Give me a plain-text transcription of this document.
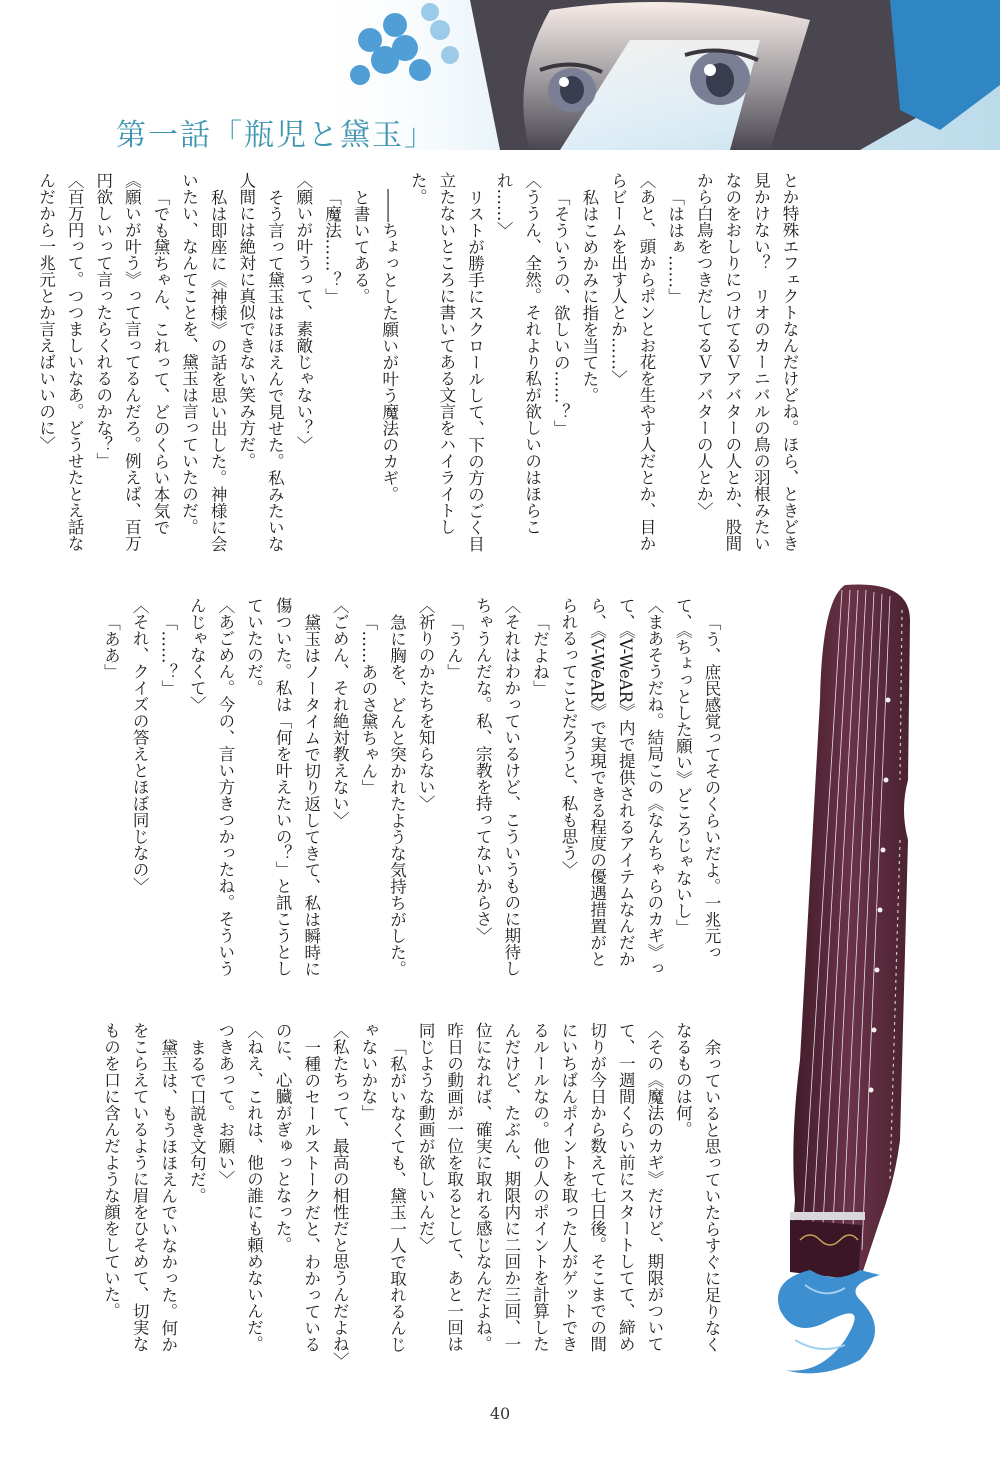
第一話「瓶児と黛玉」

とか特殊エフェクトなんだけどね。ほら、ときどき見かけない？　リオのカーニバルの鳥の羽根みたいなのをおしりにつけてるＶアバターの人とか、股間から白鳥をつきだしてるＶアバターの人とか〉

「ははぁ……」

〈あと、頭からポンとお花を生やす人だとか、目からビームを出す人とか……〉

私はこめかみに指を当てた。

「そういうの、欲しいの……？」

〈ううん、全然。それより私が欲しいのはほらこれ……〉

リストが勝手にスクロールして、下の方のごく目立たないところに書いてある文言をハイライトした。

――ちょっとした願いが叶う魔法のカギ。

と書いてある。

「魔法……？」

〈願いが叶うって、素敵じゃない？〉

そう言って黛玉はほほえんで見せた。私みたいな人間には絶対に真似できない笑み方だ。

私は即座に《神様》の話を思い出した。神様に会いたい、なんてことを、黛玉は言っていたのだ。

「でも黛ちゃん、これって、どのくらい本気で《願いが叶う》って言ってるんだろ。例えば、百万円欲しいって言ったらくれるのかな？」

〈百万円って。つつましいなあ。どうせたとえ話なんだから一兆元とか言えばいいのに〉

「う、庶民感覚ってそのくらいだよ。一兆元って、《ちょっとした願い》どころじゃないし」

〈まあそうだね。結局この《なんちゃらのカギ》って、《V-WeAR》内で提供されるアイテムなんだから、《V-WeAR》で実現できる程度の優遇措置がとられるってことだろうと、私も思う〉

「だよね」

〈それはわかっているけど、こういうものに期待しちゃうんだな。私、宗教を持ってないからさ〉

「うん」

〈祈りのかたちを知らない〉

急に胸を、どんと突かれたような気持ちがした。

「……あのさ黛ちゃん」

〈ごめん、それ絶対教えない〉

黛玉はノータイムで切り返してきて、私は瞬時に傷ついた。私は「何を叶えたいの？」と訊こうとしていたのだ。

〈あごめん。今の、言い方きつかったね。そういうんじゃなくて〉

「……？」

〈それ、クイズの答えとほぼ同じなの〉

「ああ」

余っていると思っていたらすぐに足りなくなるものは何。

〈その《魔法のカギ》だけど、期限がついてて、一週間くらい前にスタートしてて、締め切りが今日から数えて七日後。そこまでの間にいちばんポイントを取った人がゲットできるルールなの。他の人のポイントを計算したんだけど、たぶん、期限内に二回か三回、一位になれば、確実に取れる感じなんだよね。昨日の動画が一位を取るとして、あと一回は同じような動画が欲しいんだ〉

「私がいなくても、黛玉一人で取れるんじゃないかな」

〈私たちって、最高の相性だと思うんだよね〉

一種のセールストークだと、わかっているのに、心臓がぎゅっとなった。

〈ねえ、これは、他の誰にも頼めないんだ。つきあって。お願い〉

まるで口説き文句だ。

黛玉は、もうほほえんでいなかった。何かをこらえているように眉をひそめて、切実なものを口に含んだような顔をしていた。

40
